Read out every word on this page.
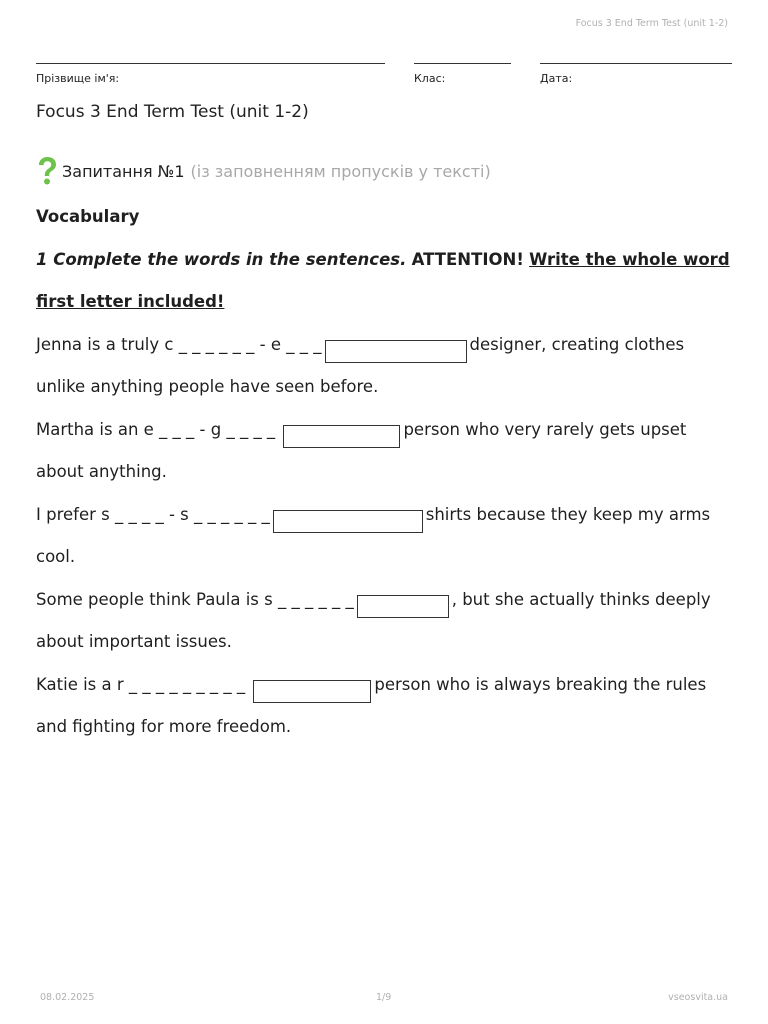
Focus 3 End Term Test (unit 1-2)
Прізвище ім'я:	Клас:	Дата:
Focus 3 End Term Test (unit 1-2)
Запитання №1 (із заповненням пропусків у тексті)

Vocabulary

1 Complete the words in the sentences. ATTENTION! Write the whole word first letter included!

Jenna is a truly c _ _ _ _ _ _ - e _ _ _	designer, creating clothes unlike anything people have seen before.

Martha is an e _ _ _ - g _ _ _ _	person who very rarely gets upset about anything.

I prefer s _ _ _ _ - s _ _ _ _ _ _	shirts because they keep my arms cool.

Some people think Paula is s _ _ _ _ _ _	, but she actually thinks deeply about important issues.

Katie is a r _ _ _ _ _ _ _ _ _	person who is always breaking the rules and fighting for more freedom.

08.02.2025	1/9	vseosvita.ua
